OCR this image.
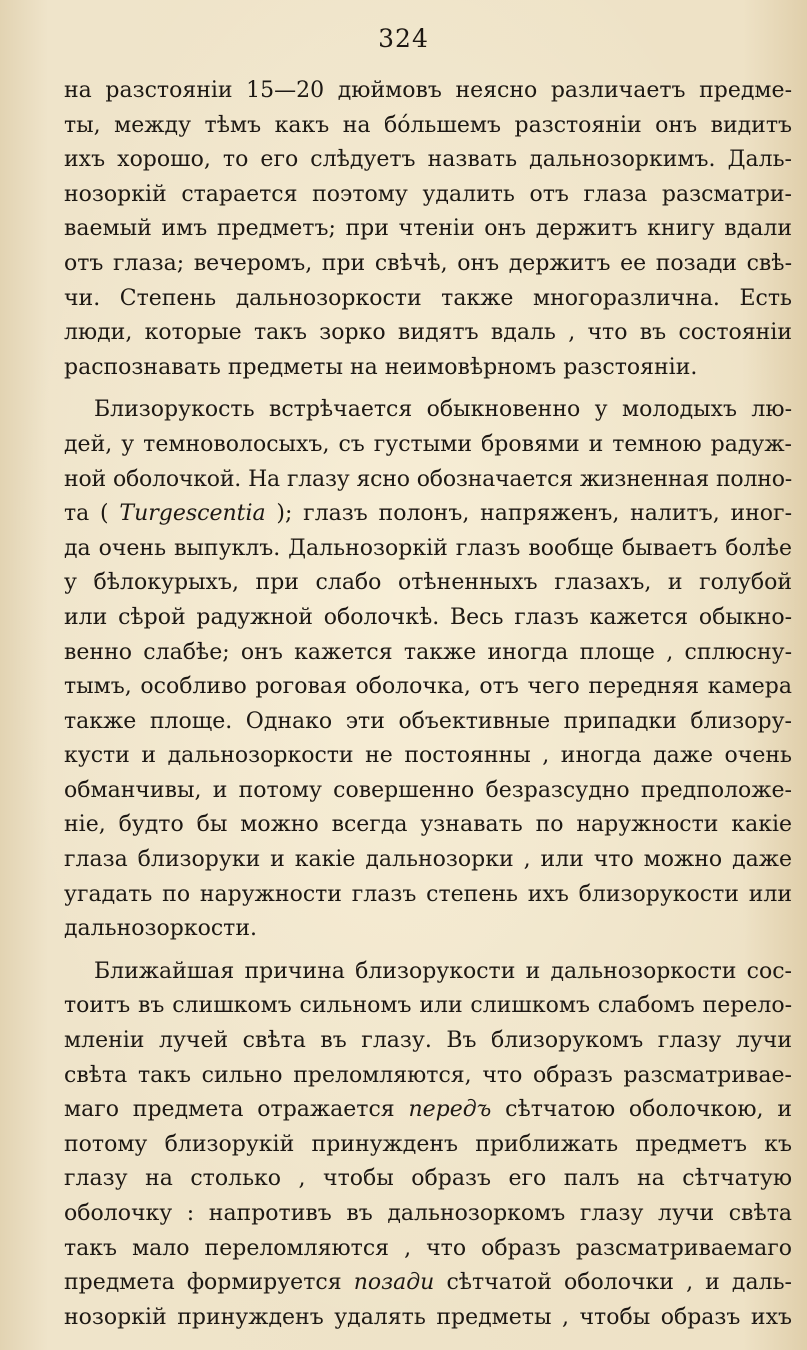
324
на разстояніи 15—20 дюймовъ неясно различаетъ предме-
ты, между тѣмъ какъ на бо́льшемъ разстояніи онъ видитъ
ихъ хорошо, то его слѣдуетъ назвать дальнозоркимъ. Даль-
нозоркій старается поэтому удалить отъ глаза разсматри-
ваемый имъ предметъ; при чтеніи онъ держитъ книгу вдали
отъ глаза; вечеромъ, при свѣчѣ, онъ держитъ ее позади свѣ-
чи. Степень дальнозоркости также многоразлична. Есть
люди, которые такъ зорко видятъ вдаль , что въ состояніи
распознавать предметы на неимовѣрномъ разстояніи.
Близорукость встрѣчается обыкновенно у молодыхъ лю-
дей, у темноволосыхъ, съ густыми бровями и темною радуж-
ной оболочкой. На глазу ясно обозначается жизненная полно-
та ( Turgescentia ); глазъ полонъ, напряженъ, налитъ, иног-
да очень выпуклъ. Дальнозоркій глазъ вообще бываетъ болѣе
у бѣлокурыхъ, при слабо отѣненныхъ глазахъ, и голубой
или сѣрой радужной оболочкѣ. Весь глазъ кажется обыкно-
венно слабѣе; онъ кажется также иногда площе , сплюсну-
тымъ, особливо роговая оболочка, отъ чего передняя камера
также площе. Однако эти объективные припадки близору-
кусти и дальнозоркости не постоянны , иногда даже очень
обманчивы, и потому совершенно безразсудно предположе-
ніе, будто бы можно всегда узнавать по наружности какіе
глаза близоруки и какіе дальнозорки , или что можно даже
угадать по наружности глазъ степень ихъ близорукости или
дальнозоркости.
Ближайшая причина близорукости и дальнозоркости сос-
тоитъ въ слишкомъ сильномъ или слишкомъ слабомъ перело-
мленіи лучей свѣта въ глазу. Въ близорукомъ глазу лучи
свѣта такъ сильно преломляются, что образъ разсматривае-
маго предмета отражается передъ сѣтчатою оболочкою, и
потому близорукій принужденъ приближать предметъ къ
глазу на столько , чтобы образъ его палъ на сѣтчатую
оболочку : напротивъ въ дальнозоркомъ глазу лучи свѣта
такъ мало переломляются , что образъ разсматриваемаго
предмета формируется позади сѣтчатой оболочки , и даль-
нозоркій принужденъ удалять предметы , чтобы образъ ихъ
